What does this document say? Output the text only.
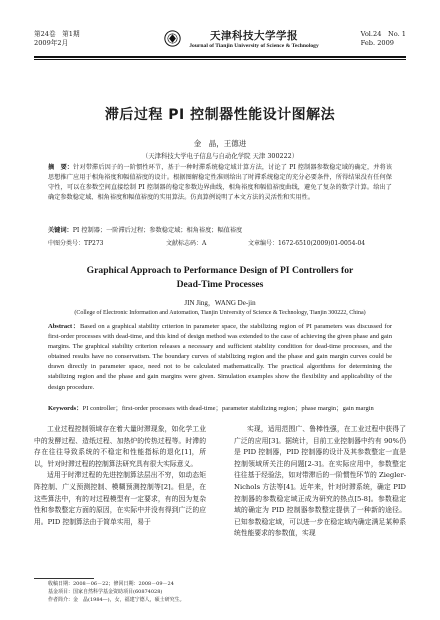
第24卷　第1期
2009年2月
天津科技大学学报
Journal of Tianjin University of Science & Technology
Vol.24　No. 1
Feb. 2009
滞后过程 PI 控制器性能设计图解法
金　晶，王德进
（天津科技大学电子信息与自动化学院 天津 300222）
摘　要：针对带滞后因子的一阶惯性环节，基于一种时滞系统稳定域计算方法，讨论了 PI 控制器参数稳定域的确定，并将该思想推广应用于相角裕度和幅值裕度的设计。根据图解稳定性准则给出了时滞系统稳定的充分必要条件，所得结果没有任何保守性，可以在参数空间直接绘制 PI 控制器的稳定参数边界曲线，相角裕度和幅值裕度曲线，避免了复杂的数学计算。给出了确定参数稳定域、相角裕度和幅值裕度的实用算法。仿真算例说明了本文方法的灵活性和实用性。
关键词：PI 控制器；一阶滞后过程；参数稳定域；相角裕度；幅值裕度
中图分类号：TP273	文献标志码：A	文章编号：1672-6510(2009)01-0054-04
Graphical Approach to Performance Design of PI Controllers for
Dead-Time Processes
JIN Jing，WANG De-jin
(College of Electronic Information and Automation, Tianjin University of Science & Technology, Tianjin 300222, China)
Abstract：Based on a graphical stability criterion in parameter space, the stabilizing region of PI parameters was discussed for first-order processes with dead-time, and this kind of design method was extended to the case of achieving the given phase and gain margins. The graphical stability criterion releases a necessary and sufficient stability condition for dead-time processes, and the obtained results have no conservatism. The boundary curves of stabilizing region and the phase and gain margin curves could be drawn directly in parameter space, need not to be calculated mathematically. The practical algorithms for determining the stabilizing region and the phase and gain margins were given. Simulation examples show the flexibility and applicability of the design procedure.
Keywords：PI controller；first-order processes with dead-time；parameter stabilizing region；phase margin；gain margin

工业过程控制领域存在着大量时滞现象，如化学工业中的发酵过程、造纸过程、加热炉的传热过程等。时滞的存在往往导致系统的不稳定和性能指标的退化[1]，所以，针对时滞过程的控制算法研究具有很大实际意义。

适用于时滞过程的先进控制算法层出不穷，如动态矩阵控制、广义预测控制、模糊预测控制等[2]。但是，在这些算法中，有的对过程模型有一定要求，有的因为复杂性和参数整定方面的原因，在实际中并没有得到广泛的应用。PID 控制算法由于简单实用，易于

实现，适用范围广、鲁棒性强，在工业过程中获得了广泛的应用[3]。据统计，目前工业控制器中约有 90%仍是 PID 控制器，PID 控制器的设计及其参数整定一直是控制领域所关注的问题[2-3]。在实际应用中，参数整定往往基于经验法，如对带滞后的一阶惯性环节的 Ziegler-Nichols 方法等[4]。近年来，针对时滞系统，确定 PID 控制器的参数稳定域正成为研究的热点[5-8]。参数稳定域的确定为 PID 控制器参数整定提供了一种新的途径。已知参数稳定域，可以进一步在稳定域内确定满足某种系统性能要求的参数值，实现

收稿日期：2008－06－22；修回日期：2008－09－24
基金项目：国家自然科学基金资助项目(60874028)
作者简介：金　晶(1984—)，女，福建宁德人，硕士研究生。
